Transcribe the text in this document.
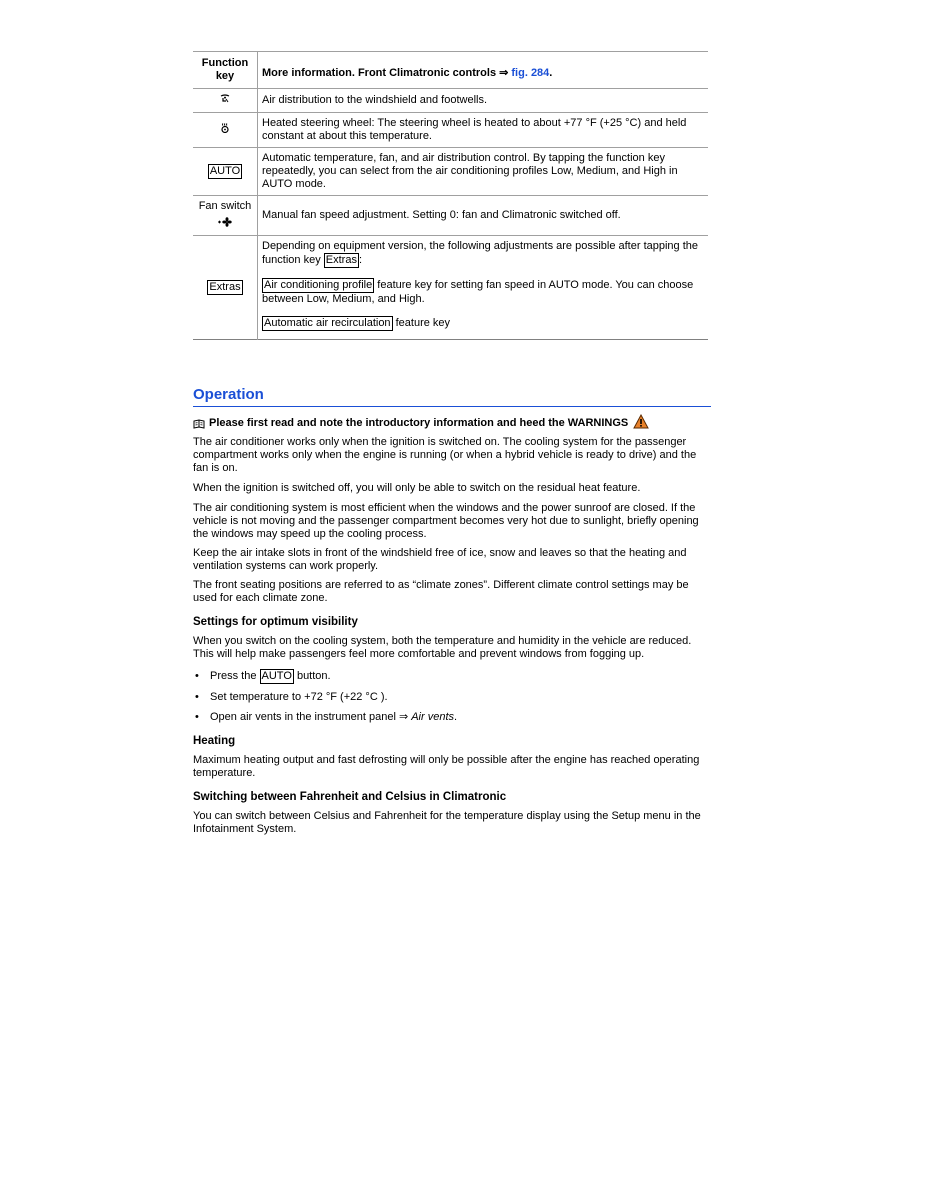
Function key	More information. Front Climatronic controls ⇒ fig. 284.

	Air distribution to the windshield and footwells.

	Heated steering wheel: The steering wheel is heated to about +77 °F (+25 °C) and held constant at about this temperature.
AUTO	Automatic temperature, fan, and air distribution control. By tapping the function key repeatedly, you can select from the air conditioning profiles Low, Medium, and High in AUTO mode.

Fan switch	Manual fan speed adjustment. Setting 0: fan and Climatronic switched off.
Extras	Depending on equipment version, the following adjustments are possible after tapping the function key Extras :

Air conditioning profile feature key for setting fan speed in AUTO mode. You can choose between Low, Medium, and High.

Automatic air recirculation feature key

Operation
Please first read and note the introductory information and heed the WARNINGS

The air conditioner works only when the ignition is switched on. The cooling system for the passenger compartment works only when the engine is running (or when a hybrid vehicle is ready to drive) and the fan is on.

When the ignition is switched off, you will only be able to switch on the residual heat feature.

The air conditioning system is most efficient when the windows and the power sunroof are closed. If the vehicle is not moving and the passenger compartment becomes very hot due to sunlight, briefly opening the windows may speed up the cooling process.

Keep the air intake slots in front of the windshield free of ice, snow and leaves so that the heating and ventilation systems can work properly.

The front seating positions are referred to as “climate zones”. Different climate control settings may be used for each climate zone.

Settings for optimum visibility

When you switch on the cooling system, both the temperature and humidity in the vehicle are reduced. This will help make passengers feel more comfortable and prevent windows from fogging up.

• Press the AUTO button.
• Set temperature to +72 °F (+22 °C ).
• Open air vents in the instrument panel ⇒ Air vents.
Heating

Maximum heating output and fast defrosting will only be possible after the engine has reached operating temperature.

Switching between Fahrenheit and Celsius in Climatronic

You can switch between Celsius and Fahrenheit for the temperature display using the Setup menu in the Infotainment System.
